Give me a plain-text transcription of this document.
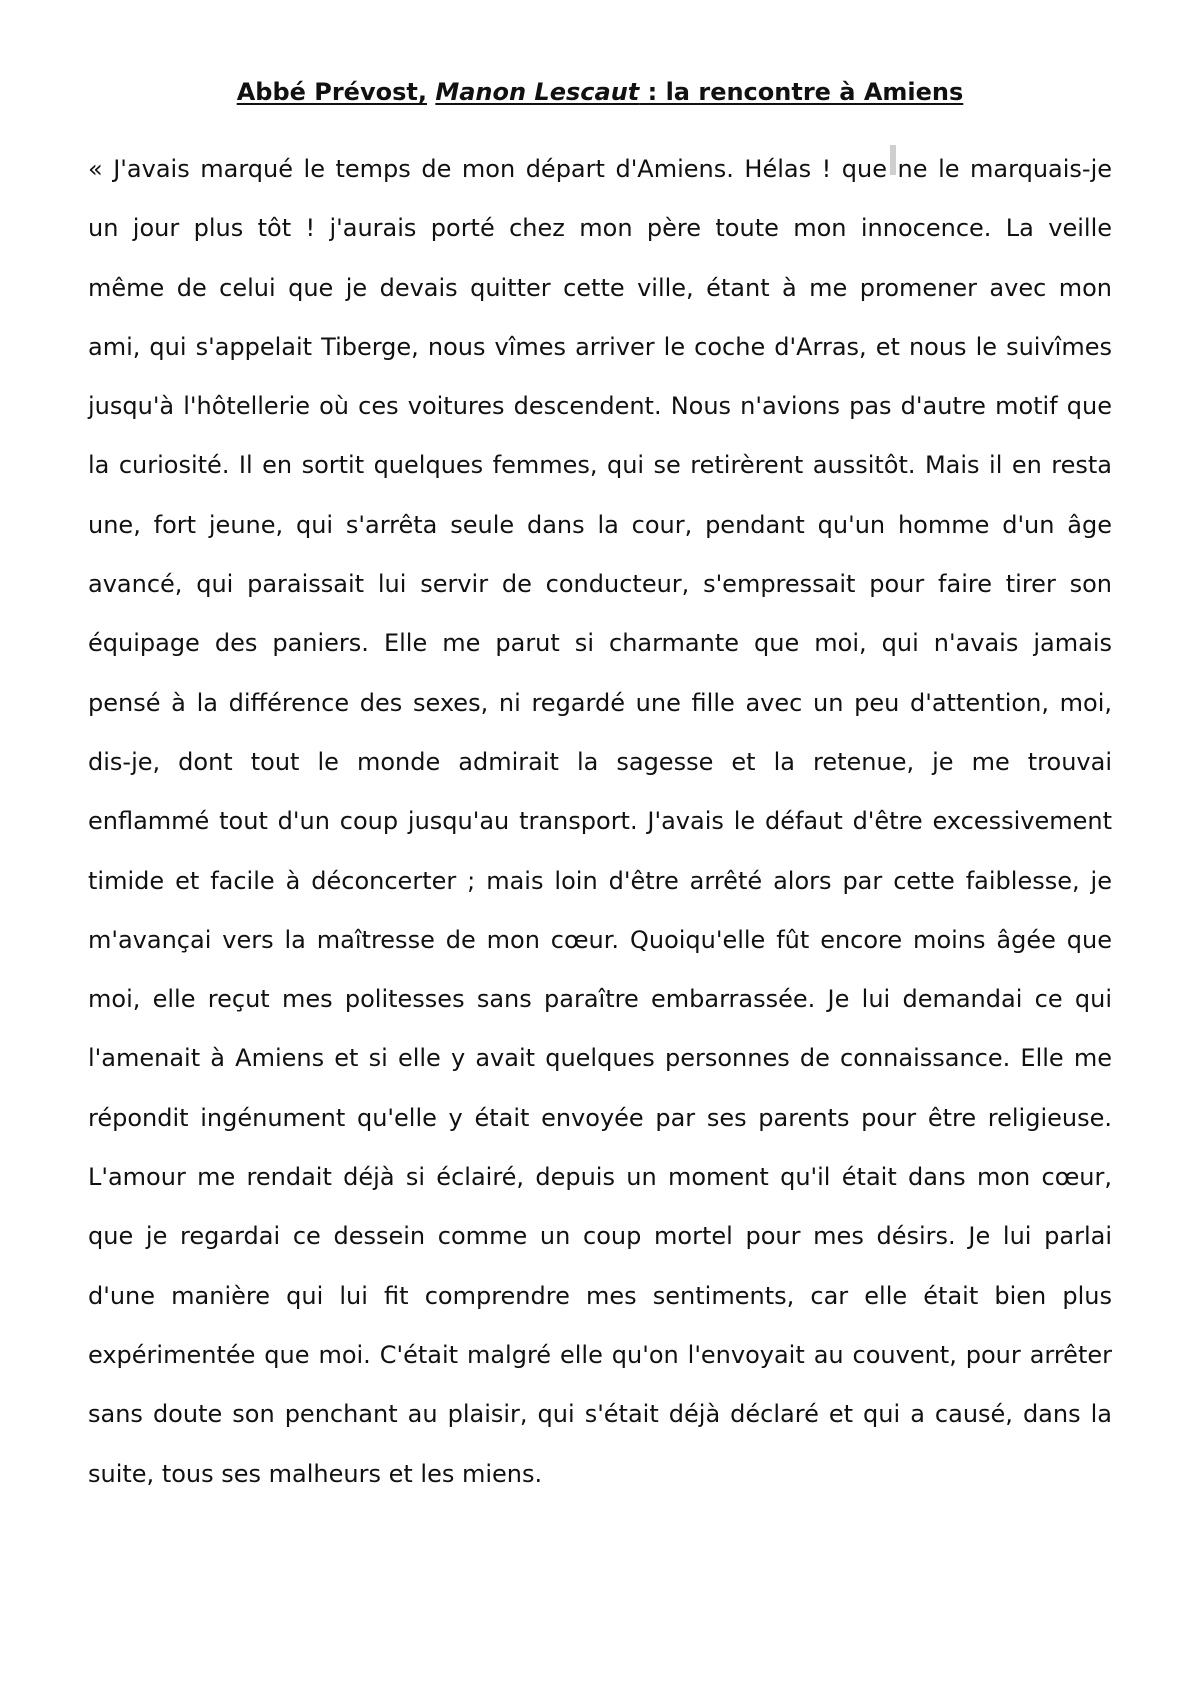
Abbé Prévost, Manon Lescaut : la rencontre à Amiens
« J'avais marqué le temps de mon départ d'Amiens. Hélas ! que ne le marquais-je
un jour plus tôt ! j'aurais porté chez mon père toute mon innocence. La veille
même de celui que je devais quitter cette ville, étant à me promener avec mon
ami, qui s'appelait Tiberge, nous vîmes arriver le coche d'Arras, et nous le suivîmes
jusqu'à l'hôtellerie où ces voitures descendent. Nous n'avions pas d'autre motif que
la curiosité. Il en sortit quelques femmes, qui se retirèrent aussitôt. Mais il en resta
une, fort jeune, qui s'arrêta seule dans la cour, pendant qu'un homme d'un âge
avancé, qui paraissait lui servir de conducteur, s'empressait pour faire tirer son
équipage des paniers. Elle me parut si charmante que moi, qui n'avais jamais
pensé à la différence des sexes, ni regardé une fille avec un peu d'attention, moi,
dis-je, dont tout le monde admirait la sagesse et la retenue, je me trouvai
enflammé tout d'un coup jusqu'au transport. J'avais le défaut d'être excessivement
timide et facile à déconcerter ; mais loin d'être arrêté alors par cette faiblesse, je
m'avançai vers la maîtresse de mon cœur. Quoiqu'elle fût encore moins âgée que
moi, elle reçut mes politesses sans paraître embarrassée. Je lui demandai ce qui
l'amenait à Amiens et si elle y avait quelques personnes de connaissance. Elle me
répondit ingénument qu'elle y était envoyée par ses parents pour être religieuse.
L'amour me rendait déjà si éclairé, depuis un moment qu'il était dans mon cœur,
que je regardai ce dessein comme un coup mortel pour mes désirs. Je lui parlai
d'une manière qui lui fit comprendre mes sentiments, car elle était bien plus
expérimentée que moi. C'était malgré elle qu'on l'envoyait au couvent, pour arrêter
sans doute son penchant au plaisir, qui s'était déjà déclaré et qui a causé, dans la
suite, tous ses malheurs et les miens.
